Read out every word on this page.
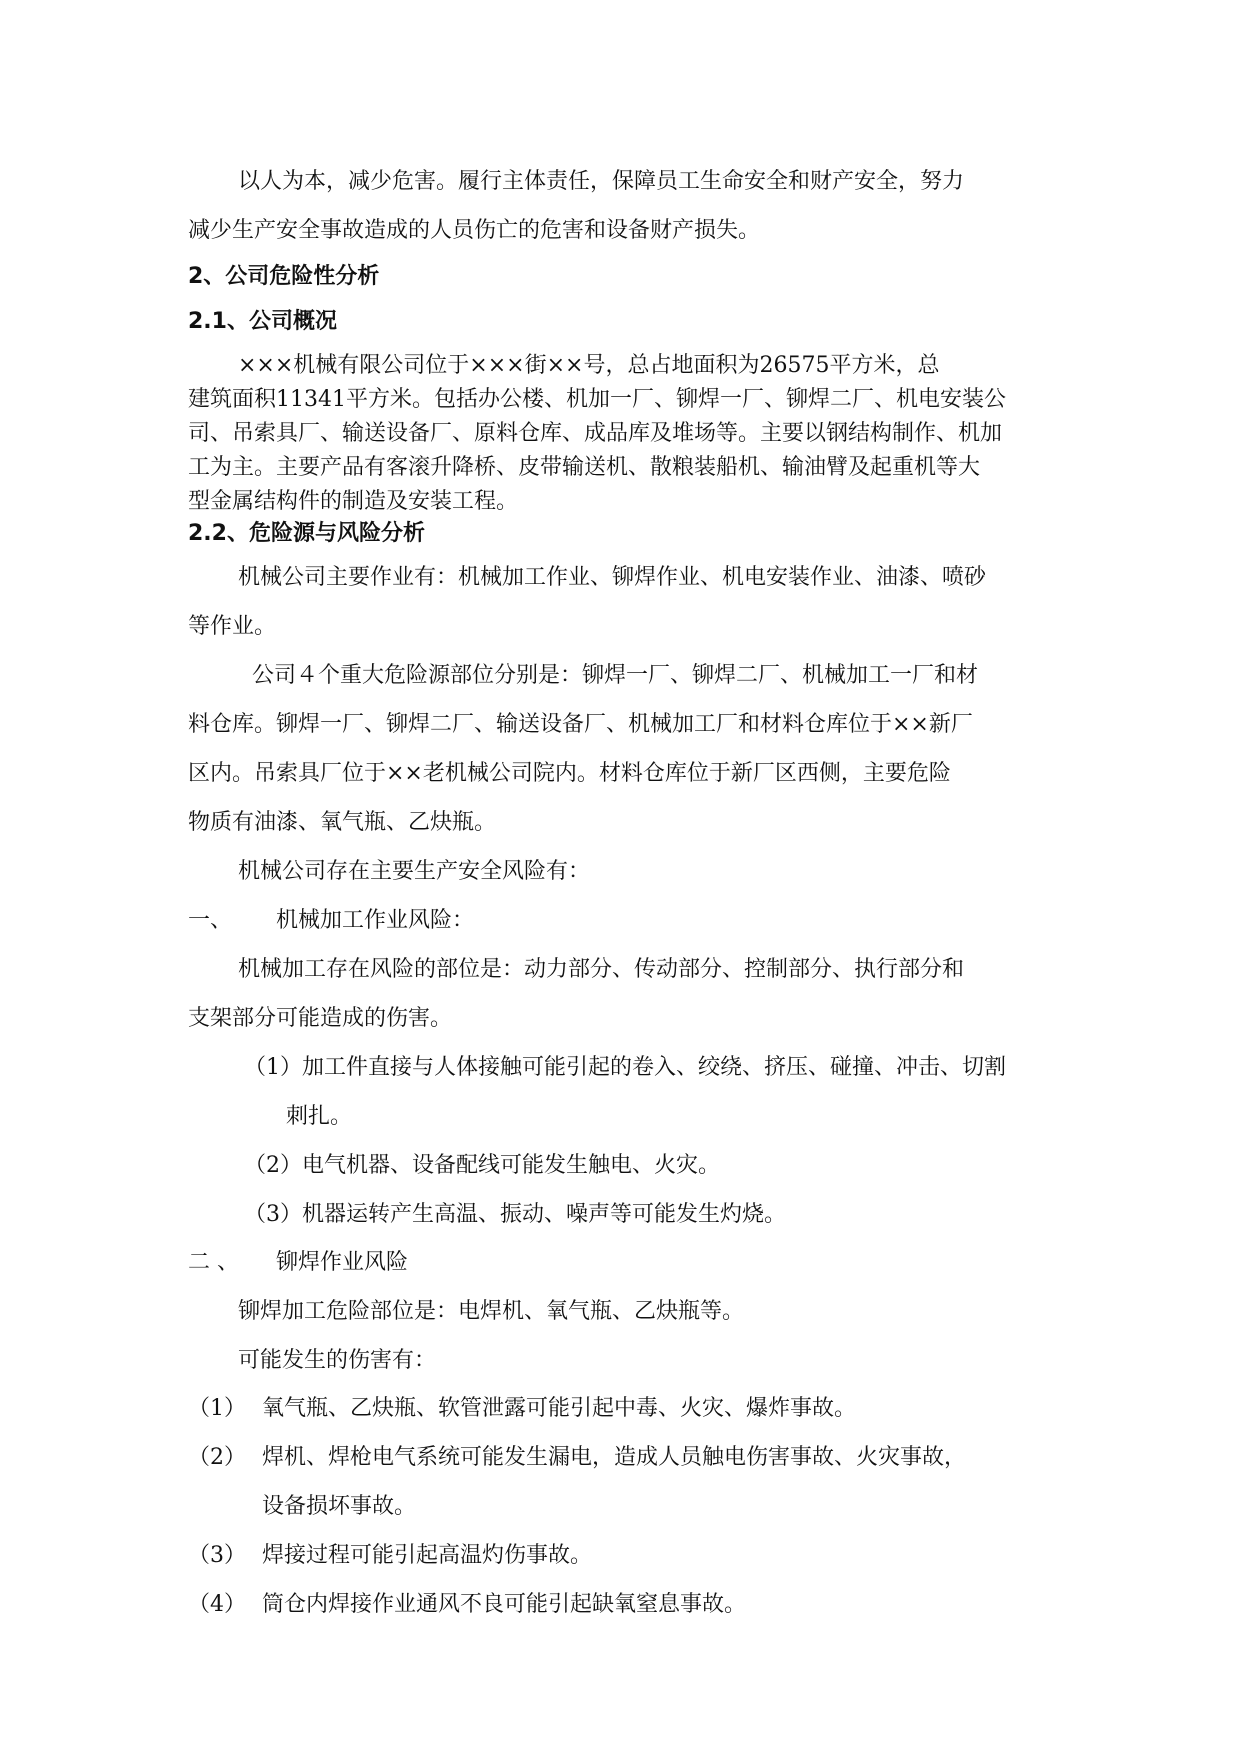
以人为本，减少危害。履行主体责任，保障员工生命安全和财产安全，努力
减少生产安全事故造成的人员伤亡的危害和设备财产损失。
2、公司危险性分析
2.1、公司概况
×××机械有限公司位于×××街××号，总占地面积为26575平方米，总
建筑面积11341平方米。包括办公楼、机加一厂、铆焊一厂、铆焊二厂、机电安装公
司、吊索具厂、输送设备厂、原料仓库、成品库及堆场等。主要以钢结构制作、机加
工为主。主要产品有客滚升降桥、皮带输送机、散粮装船机、输油臂及起重机等大
型金属结构件的制造及安装工程。
2.2、危险源与风险分析
机械公司主要作业有：机械加工作业、铆焊作业、机电安装作业、油漆、喷砂
等作业。
公司４个重大危险源部位分别是：铆焊一厂、铆焊二厂、机械加工一厂和材
料仓库。铆焊一厂、铆焊二厂、输送设备厂、机械加工厂和材料仓库位于××新厂
区内。吊索具厂位于××老机械公司院内。材料仓库位于新厂区西侧，主要危险
物质有油漆、氧气瓶、乙炔瓶。
机械公司存在主要生产安全风险有：
一、 机械加工作业风险：
机械加工存在风险的部位是：动力部分、传动部分、控制部分、执行部分和
支架部分可能造成的伤害。
（1） 加工件直接与人体接触可能引起的卷入、绞绕、挤压、碰撞、冲击、切割
刺扎。
（2） 电气机器、设备配线可能发生触电、火灾。
（3） 机器运转产生高温、振动、噪声等可能发生灼烧。
二 、 铆焊作业风险
铆焊加工危险部位是：电焊机、氧气瓶、乙炔瓶等。
可能发生的伤害有：
（1） 氧气瓶、乙炔瓶、软管泄露可能引起中毒、火灾、爆炸事故。
（2） 焊机、焊枪电气系统可能发生漏电，造成人员触电伤害事故、火灾事故，
设备损坏事故。
（3） 焊接过程可能引起高温灼伤事故。
（4） 筒仓内焊接作业通风不良可能引起缺氧窒息事故。
